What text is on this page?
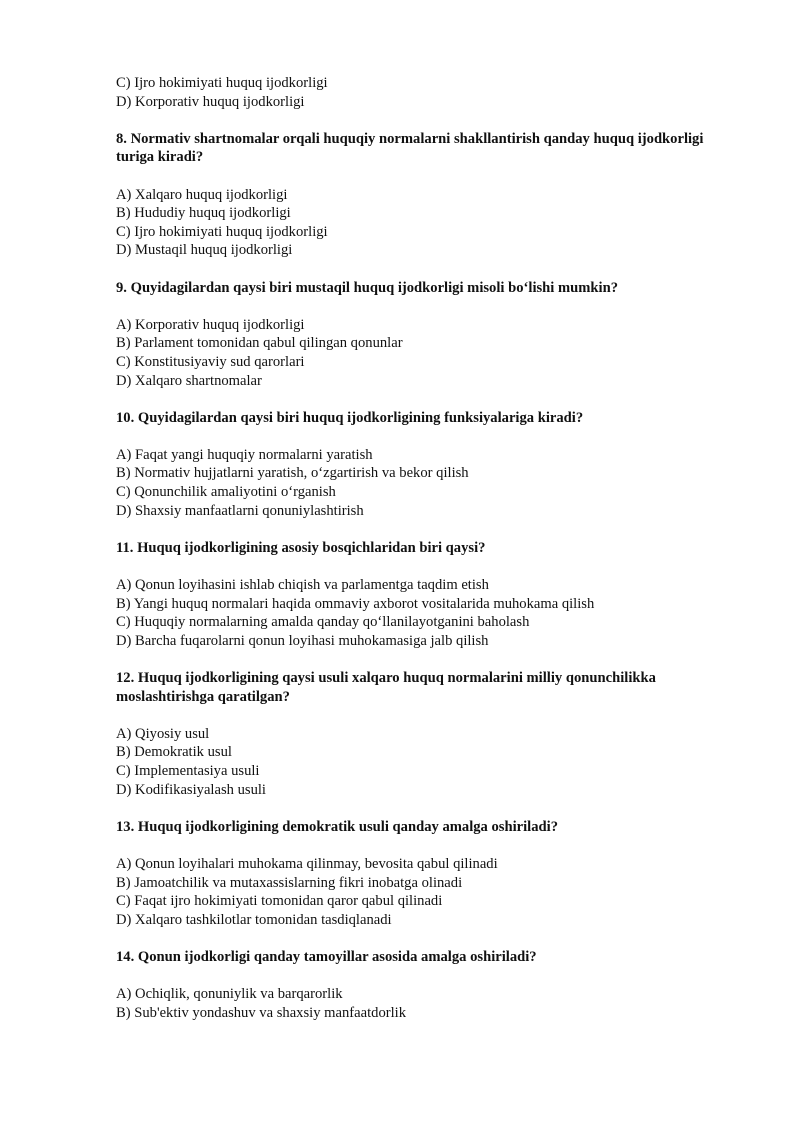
C) Ijro hokimiyati huquq ijodkorligi
D) Korporativ huquq ijodkorligi

8. Normativ shartnomalar orqali huquqiy normalarni shakllantirish qanday huquq ijodkorligi turiga kiradi?

A) Xalqaro huquq ijodkorligi
B) Hududiy huquq ijodkorligi
C) Ijro hokimiyati huquq ijodkorligi
D) Mustaqil huquq ijodkorligi

9. Quyidagilardan qaysi biri mustaqil huquq ijodkorligi misoli bo‘lishi mumkin?

A) Korporativ huquq ijodkorligi
B) Parlament tomonidan qabul qilingan qonunlar
C) Konstitusiyaviy sud qarorlari
D) Xalqaro shartnomalar

10. Quyidagilardan qaysi biri huquq ijodkorligining funksiyalariga kiradi?

A) Faqat yangi huquqiy normalarni yaratish
B) Normativ hujjatlarni yaratish, o‘zgartirish va bekor qilish
C) Qonunchilik amaliyotini o‘rganish
D) Shaxsiy manfaatlarni qonuniylashtirish

11. Huquq ijodkorligining asosiy bosqichlaridan biri qaysi?

A) Qonun loyihasini ishlab chiqish va parlamentga taqdim etish
B) Yangi huquq normalari haqida ommaviy axborot vositalarida muhokama qilish
C) Huquqiy normalarning amalda qanday qo‘llanilayotganini baholash
D) Barcha fuqarolarni qonun loyihasi muhokamasiga jalb qilish

12. Huquq ijodkorligining qaysi usuli xalqaro huquq normalarini milliy qonunchilikka moslashtirishga qaratilgan?

A) Qiyosiy usul
B) Demokratik usul
C) Implementasiya usuli
D) Kodifikasiyalash usuli

13. Huquq ijodkorligining demokratik usuli qanday amalga oshiriladi?

A) Qonun loyihalari muhokama qilinmay, bevosita qabul qilinadi
B) Jamoatchilik va mutaxassislarning fikri inobatga olinadi
C) Faqat ijro hokimiyati tomonidan qaror qabul qilinadi
D) Xalqaro tashkilotlar tomonidan tasdiqlanadi

14. Qonun ijodkorligi qanday tamoyillar asosida amalga oshiriladi?

A) Ochiqlik, qonuniylik va barqarorlik
B) Sub'ektiv yondashuv va shaxsiy manfaatdorlik
